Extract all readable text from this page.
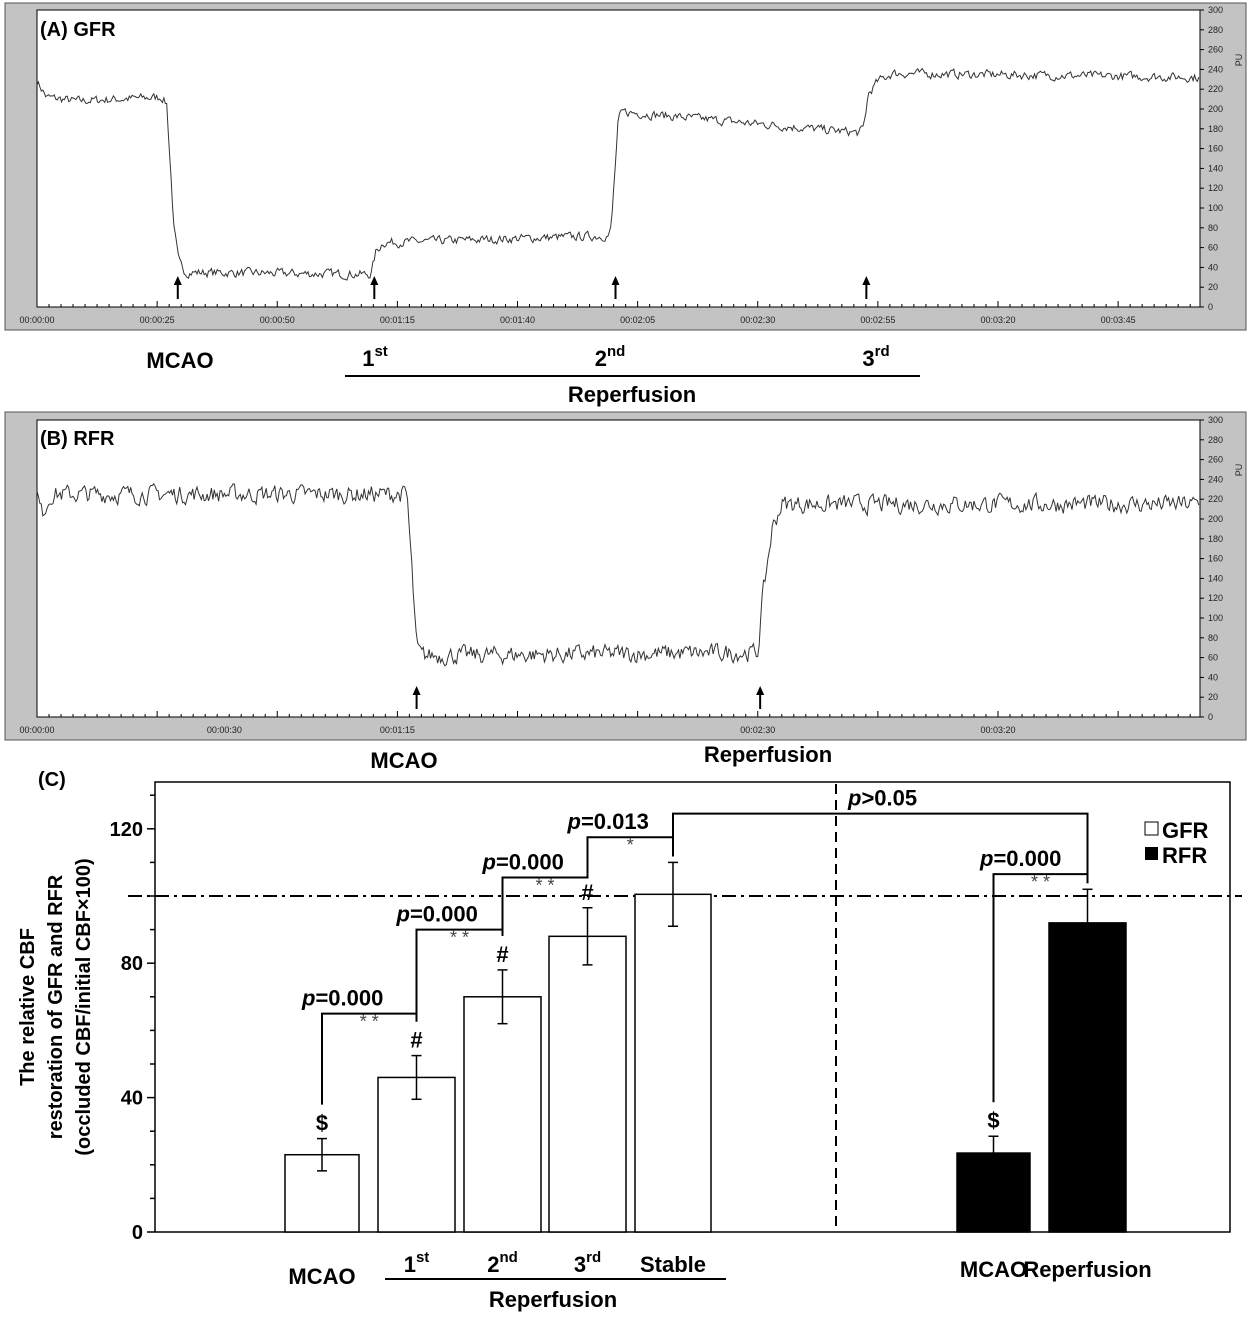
0
20
40
60
80
100
120
140
160
180
200
220
240
260
280
300
00:00:00	00:00:25	00:00:50	00:01:15	00:01:40	00:02:05	00:02:30	00:02:55	00:03:20	00:03:45
(A) GFR
PU
MCAO	1st	2nd	3rd
Reperfusion
0
20
40
60
80
100
120
140
160
180
200
220
240
260
280
300
00:00:00	00:00:30	00:01:15	00:02:30	00:03:20
(B) RFR
PU
MCAO	Reperfusion
(C)
0
40
80
120
$
MCAO
#
1st
#
2nd
#
3rd Stable
$
MCAO
Reperfusion
p=0.000
* *
p=0.000
* *
p=0.000
* *
p=0.013
*
p>0.05
p=0.000
* *
The relative CBF restoration of GFR and RFR (occluded CBF/initial CBF×100)
GFR
RFR
Reperfusion
